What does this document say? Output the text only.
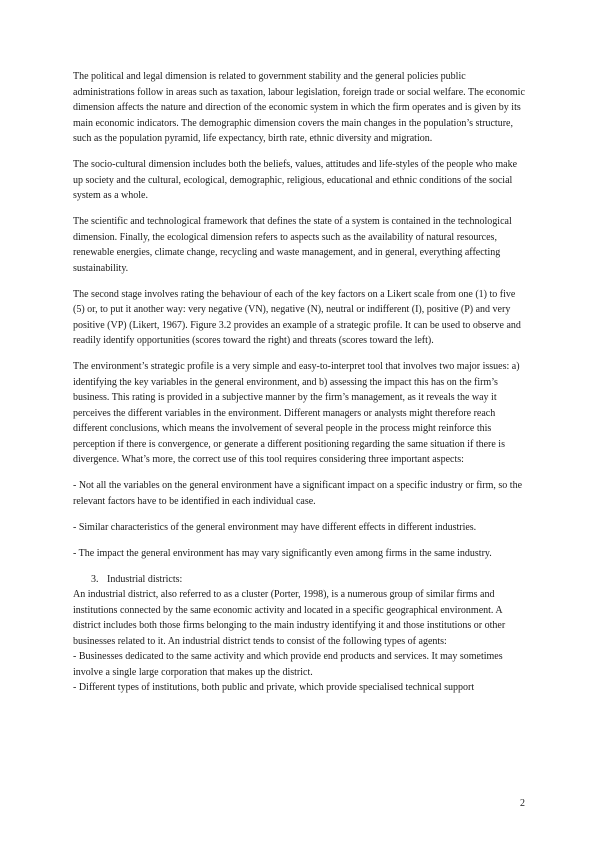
The political and legal dimension is related to government stability and the general policies public administrations follow in areas such as taxation, labour legislation, foreign trade or social welfare. The economic dimension affects the nature and direction of the economic system in which the firm operates and is given by its main economic indicators. The demographic dimension covers the main changes in the population’s structure, such as the population pyramid, life expectancy, birth rate, ethnic diversity and migration.

The socio-cultural dimension includes both the beliefs, values, attitudes and life-styles of the people who make up society and the cultural, ecological, demographic, religious, educational and ethnic conditions of the social system as a whole.

The scientific and technological framework that defines the state of a system is contained in the technological dimension. Finally, the ecological dimension refers to aspects such as the availability of natural resources, renewable energies, climate change, recycling and waste management, and in general, everything affecting sustainability.

The second stage involves rating the behaviour of each of the key factors on a Likert scale from one (1) to five (5) or, to put it another way: very negative (VN), negative (N), neutral or indifferent (I), positive (P) and very positive (VP) (Likert, 1967). Figure 3.2 provides an example of a strategic profile. It can be used to observe and readily identify opportunities (scores toward the right) and threats (scores toward the left).

The environment’s strategic profile is a very simple and easy-to-interpret tool that involves two major issues: a) identifying the key variables in the general environment, and b) assessing the impact this has on the firm’s business. This rating is provided in a subjective manner by the firm’s management, as it reveals the way it perceives the different variables in the environment. Different managers or analysts might therefore reach different conclusions, which means the involvement of several people in the process might reinforce this perception if there is convergence, or generate a different positioning regarding the same situation if there is divergence. What’s more, the correct use of this tool requires considering three important aspects:

- Not all the variables on the general environment have a significant impact on a specific industry or firm, so the relevant factors have to be identified in each individual case.

- Similar characteristics of the general environment may have different effects in different industries.

- The impact the general environment has may vary significantly even among firms in the same industry.

3. Industrial districts:

An industrial district, also referred to as a cluster (Porter, 1998), is a numerous group of similar firms and institutions connected by the same economic activity and located in a specific geographical environment. A district includes both those firms belonging to the main industry identifying it and those institutions or other businesses related to it. An industrial district tends to consist of the following types of agents:

- Businesses dedicated to the same activity and which provide end products and services. It may sometimes involve a single large corporation that makes up the district.

- Different types of institutions, both public and private, which provide specialised technical support

2
